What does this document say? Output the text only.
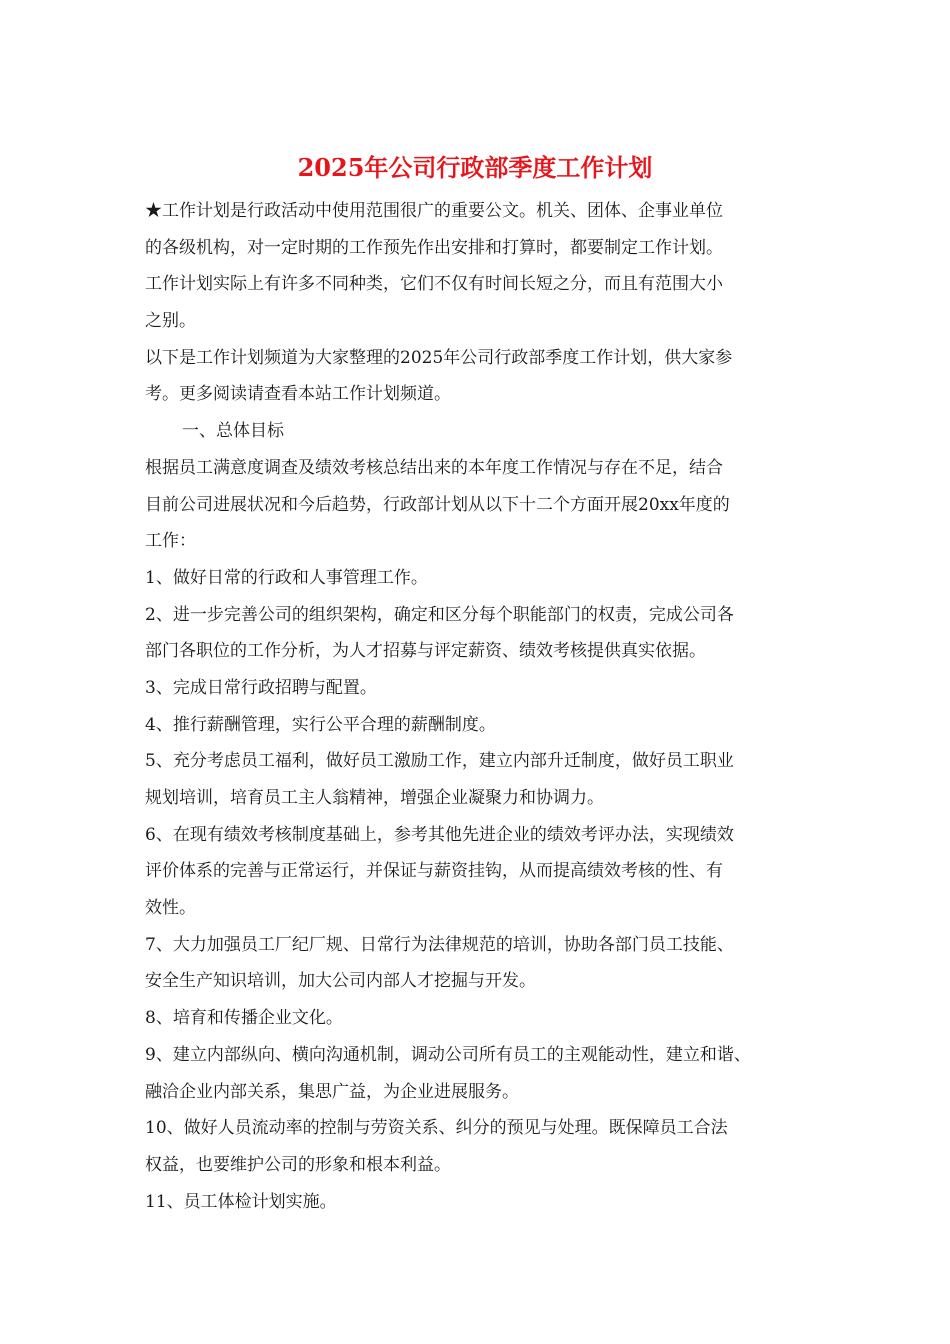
2025年公司行政部季度工作计划
★工作计划是行政活动中使用范围很广的重要公文。机关、团体、企事业单位
的各级机构，对一定时期的工作预先作出安排和打算时，都要制定工作计划。
工作计划实际上有许多不同种类，它们不仅有时间长短之分，而且有范围大小
之别。
以下是工作计划频道为大家整理的2025年公司行政部季度工作计划，供大家参
考。更多阅读请查看本站工作计划频道。
一、总体目标
根据员工满意度调查及绩效考核总结出来的本年度工作情况与存在不足，结合
目前公司进展状况和今后趋势，行政部计划从以下十二个方面开展20xx年度的
工作：
1、做好日常的行政和人事管理工作。
2、进一步完善公司的组织架构，确定和区分每个职能部门的权责，完成公司各
部门各职位的工作分析，为人才招募与评定薪资、绩效考核提供真实依据。
3、完成日常行政招聘与配置。
4、推行薪酬管理，实行公平合理的薪酬制度。
5、充分考虑员工福利，做好员工激励工作，建立内部升迁制度，做好员工职业
规划培训，培育员工主人翁精神，增强企业凝聚力和协调力。
6、在现有绩效考核制度基础上，参考其他先进企业的绩效考评办法，实现绩效
评价体系的完善与正常运行，并保证与薪资挂钩，从而提高绩效考核的性、有
效性。
7、大力加强员工厂纪厂规、日常行为法律规范的培训，协助各部门员工技能、
安全生产知识培训，加大公司内部人才挖掘与开发。
8、培育和传播企业文化。
9、建立内部纵向、横向沟通机制，调动公司所有员工的主观能动性，建立和谐、
融洽企业内部关系，集思广益，为企业进展服务。
10、做好人员流动率的控制与劳资关系、纠分的预见与处理。既保障员工合法
权益，也要维护公司的形象和根本利益。
11、员工体检计划实施。
